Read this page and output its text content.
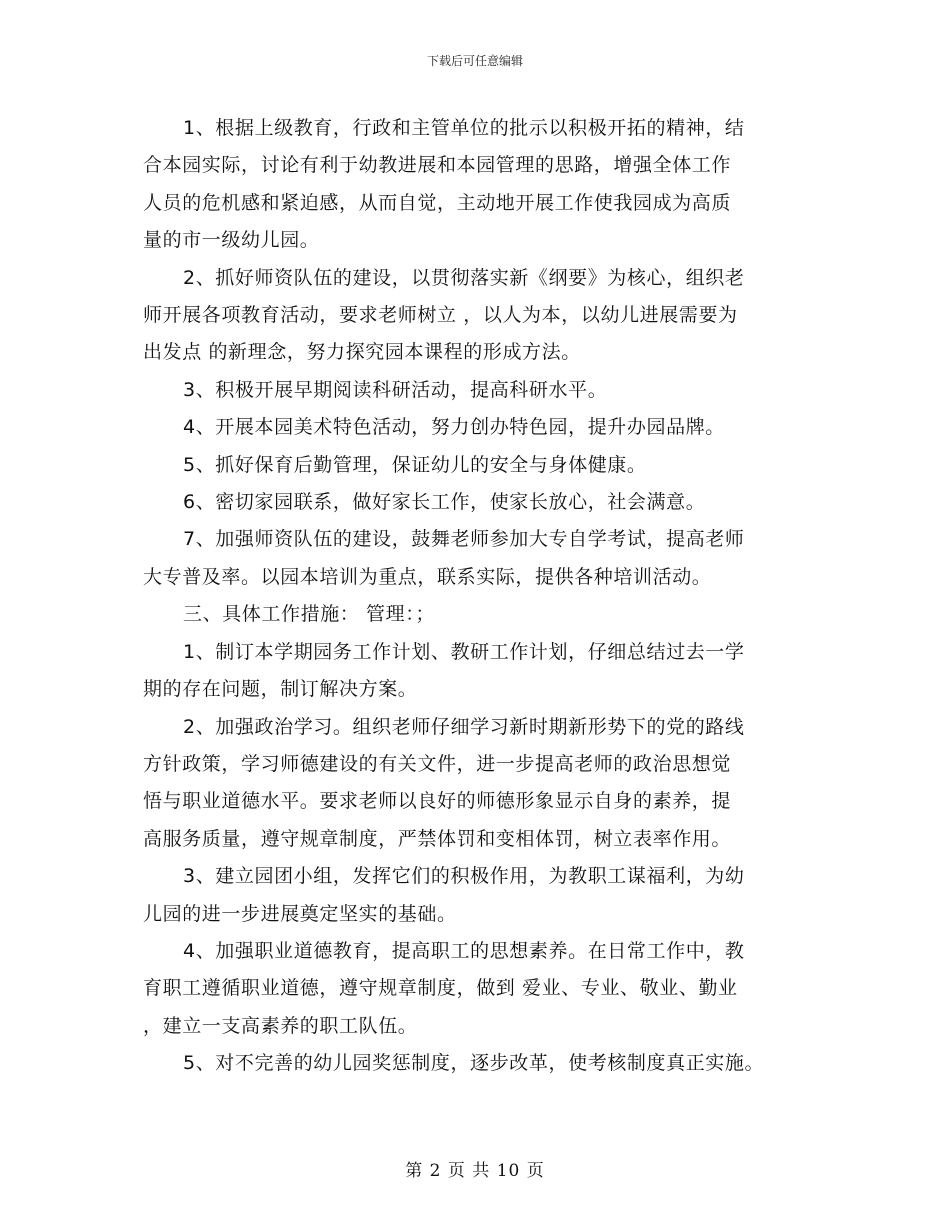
下载后可任意编辑

1、根据上级教育，行政和主管单位的批示以积极开拓的精神，结
合本园实际，讨论有利于幼教进展和本园管理的思路，增强全体工作
人员的危机感和紧迫感，从而自觉，主动地开展工作使我园成为高质
量的市一级幼儿园。

2、抓好师资队伍的建设，以贯彻落实新《纲要》为核心，组织老
师开展各项教育活动，要求老师树立 ，以人为本，以幼儿进展需要为
出发点 的新理念，努力探究园本课程的形成方法。

3、积极开展早期阅读科研活动，提高科研水平。

4、开展本园美术特色活动，努力创办特色园，提升办园品牌。

5、抓好保育后勤管理，保证幼儿的安全与身体健康。

6、密切家园联系，做好家长工作，使家长放心，社会满意。

7、加强师资队伍的建设，鼓舞老师参加大专自学考试，提高老师
大专普及率。以园本培训为重点，联系实际，提供各种培训活动。

三、具体工作措施： 管理：；

1、制订本学期园务工作计划、教研工作计划，仔细总结过去一学
期的存在问题，制订解决方案。

2、加强政治学习。组织老师仔细学习新时期新形势下的党的路线
方针政策，学习师德建设的有关文件，进一步提高老师的政治思想觉
悟与职业道德水平。要求老师以良好的师德形象显示自身的素养，提
高服务质量，遵守规章制度，严禁体罚和变相体罚，树立表率作用。

3、建立园团小组，发挥它们的积极作用，为教职工谋福利，为幼
儿园的进一步进展奠定坚实的基础。

4、加强职业道德教育，提高职工的思想素养。在日常工作中，教
育职工遵循职业道德，遵守规章制度，做到 爱业、专业、敬业、勤业
，建立一支高素养的职工队伍。

5、对不完善的幼儿园奖惩制度，逐步改革，使考核制度真正实施。

第 2 页 共 10 页
